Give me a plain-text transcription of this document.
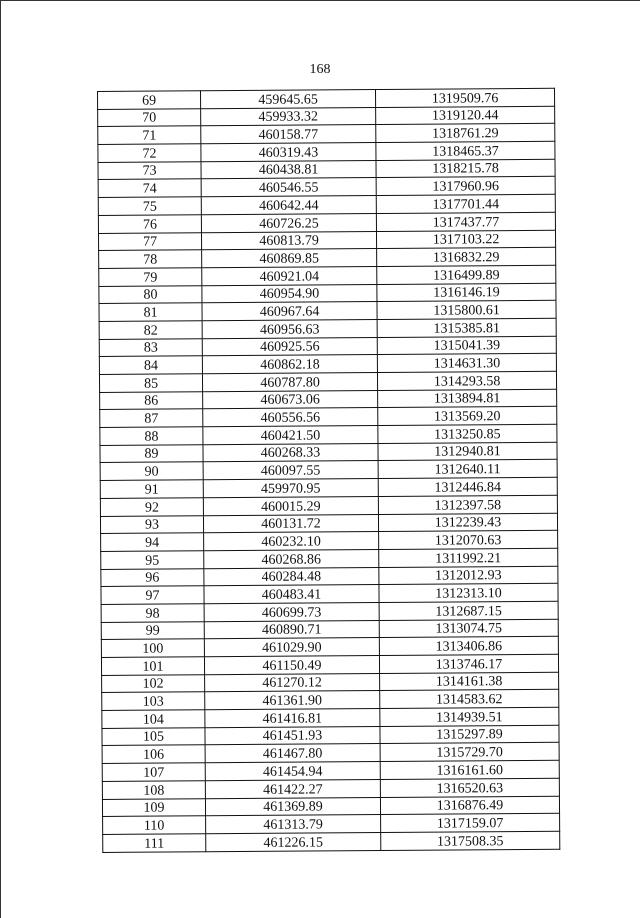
168
69	459645.65	1319509.76
70	459933.32	1319120.44
71	460158.77	1318761.29
72	460319.43	1318465.37
73	460438.81	1318215.78
74	460546.55	1317960.96
75	460642.44	1317701.44
76	460726.25	1317437.77
77	460813.79	1317103.22
78	460869.85	1316832.29
79	460921.04	1316499.89
80	460954.90	1316146.19
81	460967.64	1315800.61
82	460956.63	1315385.81
83	460925.56	1315041.39
84	460862.18	1314631.30
85	460787.80	1314293.58
86	460673.06	1313894.81
87	460556.56	1313569.20
88	460421.50	1313250.85
89	460268.33	1312940.81
90	460097.55	1312640.11
91	459970.95	1312446.84
92	460015.29	1312397.58
93	460131.72	1312239.43
94	460232.10	1312070.63
95	460268.86	1311992.21
96	460284.48	1312012.93
97	460483.41	1312313.10
98	460699.73	1312687.15
99	460890.71	1313074.75
100	461029.90	1313406.86
101	461150.49	1313746.17
102	461270.12	1314161.38
103	461361.90	1314583.62
104	461416.81	1314939.51
105	461451.93	1315297.89
106	461467.80	1315729.70
107	461454.94	1316161.60
108	461422.27	1316520.63
109	461369.89	1316876.49
110	461313.79	1317159.07
111	461226.15	1317508.35
